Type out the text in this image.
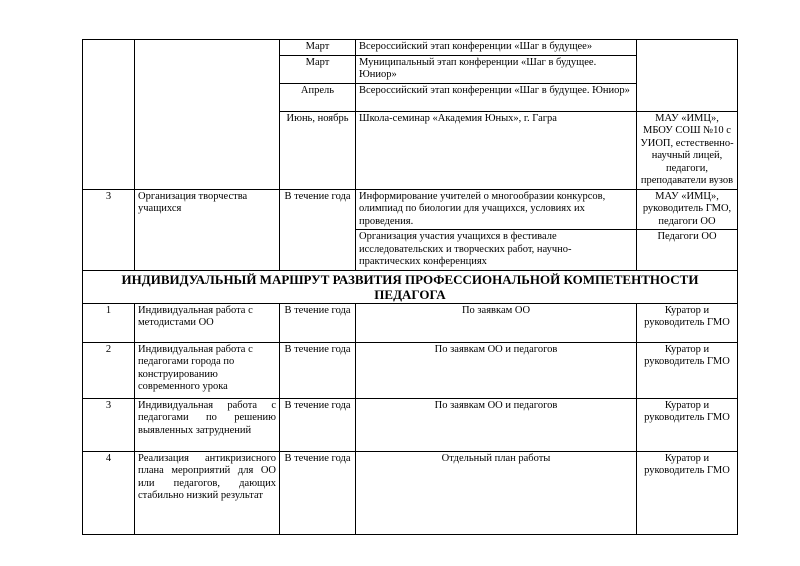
		Март	Всероссийский этап конференции «Шаг в будущее»	
		Март	Муниципальный этап конференции «Шаг в будущее. Юниор»	
		Апрель	Всероссийский этап конференции «Шаг в будущее. Юниор»	
		Июнь, ноябрь	Школа-семинар «Академия Юных», г. Гагра	МАУ «ИМЦ», МБОУ СОШ №10 с УИОП, естественно-научный лицей, педагоги, преподаватели вузов
3	Организация творчества учащихся	В течение года	Информирование учителей о многообразии конкурсов, олимпиад по биологии для учащихся, условиях их проведения.	МАУ «ИМЦ», руководитель ГМО, педагоги ОО
			Организация участия учащихся в фестивале исследовательских и творческих работ, научно-практических конференциях	Педагоги ОО
ИНДИВИДУАЛЬНЫЙ МАРШРУТ РАЗВИТИЯ ПРОФЕССИОНАЛЬНОЙ КОМПЕТЕНТНОСТИ ПЕДАГОГА				
1	Индивидуальная работа с методистами ОО	В течение года	По заявкам ОО	Куратор и руководитель ГМО
2	Индивидуальная работа с педагогами города по конструированию современного урока	В течение года	По заявкам ОО и педагогов	Куратор и руководитель ГМО
3	Индивидуальная работа с педагогами по решению выявленных затруднений	В течение года	По заявкам ОО и педагогов	Куратор и руководитель ГМО
4	Реализация антикризисного плана мероприятий для ОО или педагогов, дающих стабильно низкий результат	В течение года	Отдельный план работы	Куратор и руководитель ГМО
